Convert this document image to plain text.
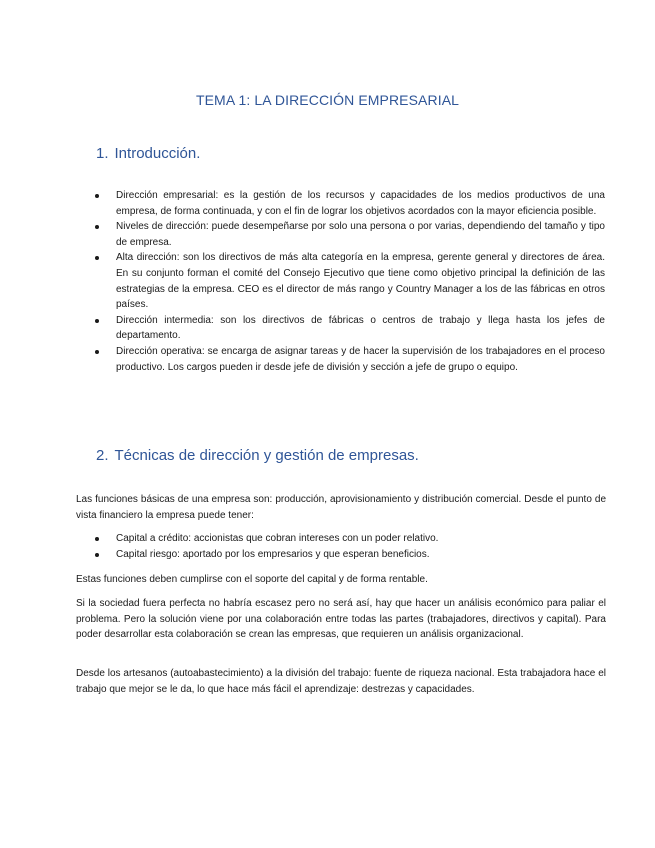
TEMA 1: LA DIRECCIÓN EMPRESARIAL
1. Introducción.
Dirección empresarial: es la gestión de los recursos y capacidades de los medios productivos de una empresa, de forma continuada, y con el fin de lograr los objetivos acordados con la mayor eficiencia posible.
Niveles de dirección: puede desempeñarse por solo una persona o por varias, dependiendo del tamaño y tipo de empresa.
Alta dirección: son los directivos de más alta categoría en la empresa, gerente general y directores de área. En su conjunto forman el comité del Consejo Ejecutivo que tiene como objetivo principal la definición de las estrategias de la empresa. CEO es el director de más rango y Country Manager a los de las fábricas en otros países.
Dirección intermedia: son los directivos de fábricas o centros de trabajo y llega hasta los jefes de departamento.
Dirección operativa: se encarga de asignar tareas y de hacer la supervisión de los trabajadores en el proceso productivo. Los cargos pueden ir desde jefe de división y sección a jefe de grupo o equipo.
2. Técnicas de dirección y gestión de empresas.

Las funciones básicas de una empresa son: producción, aprovisionamiento y distribución comercial. Desde el punto de vista financiero la empresa puede tener:

Capital a crédito: accionistas que cobran intereses con un poder relativo.
Capital riesgo: aportado por los empresarios y que esperan beneficios.

Estas funciones deben cumplirse con el soporte del capital y de forma rentable.

Si la sociedad fuera perfecta no habría escasez pero no será así, hay que hacer un análisis económico para paliar el problema. Pero la solución viene por una colaboración entre todas las partes (trabajadores, directivos y capital). Para poder desarrollar esta colaboración se crean las empresas, que requieren un análisis organizacional.

Desde los artesanos (autoabastecimiento) a la división del trabajo: fuente de riqueza nacional. Esta trabajadora hace el trabajo que mejor se le da, lo que hace más fácil el aprendizaje: destrezas y capacidades.
